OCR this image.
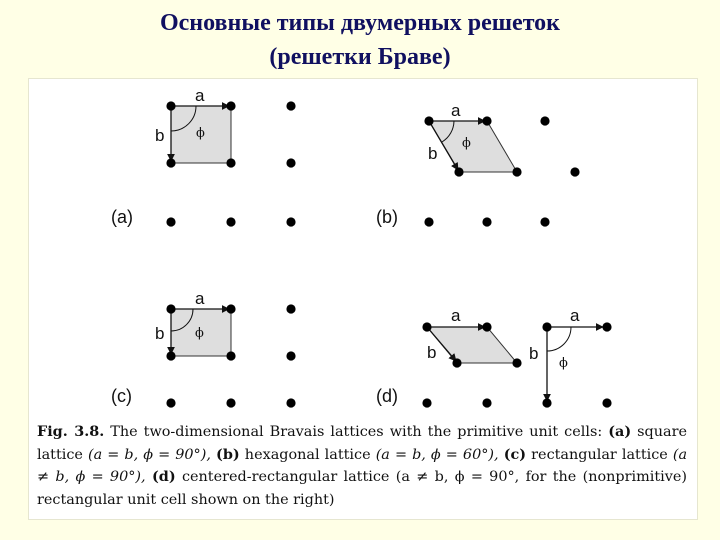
Основные типы двумерных решеток
(решетки Браве)
a
b ϕ
(a)
a
b
ϕ
(b)
a
b ϕ
(c)
a
b
a
b
ϕ
(d)
Fig. 3.8. The two-dimensional Bravais lattices with the primitive unit cells: (a) square lattice (a = b, ϕ = 90°), (b) hexagonal lattice (a = b, ϕ = 60°), (c) rectangular lattice (a ≠ b, ϕ = 90°), (d) centered-rectangular lattice (a ≠ b, ϕ = 90°, for the (nonprimitive) rectangular unit cell shown on the right)
